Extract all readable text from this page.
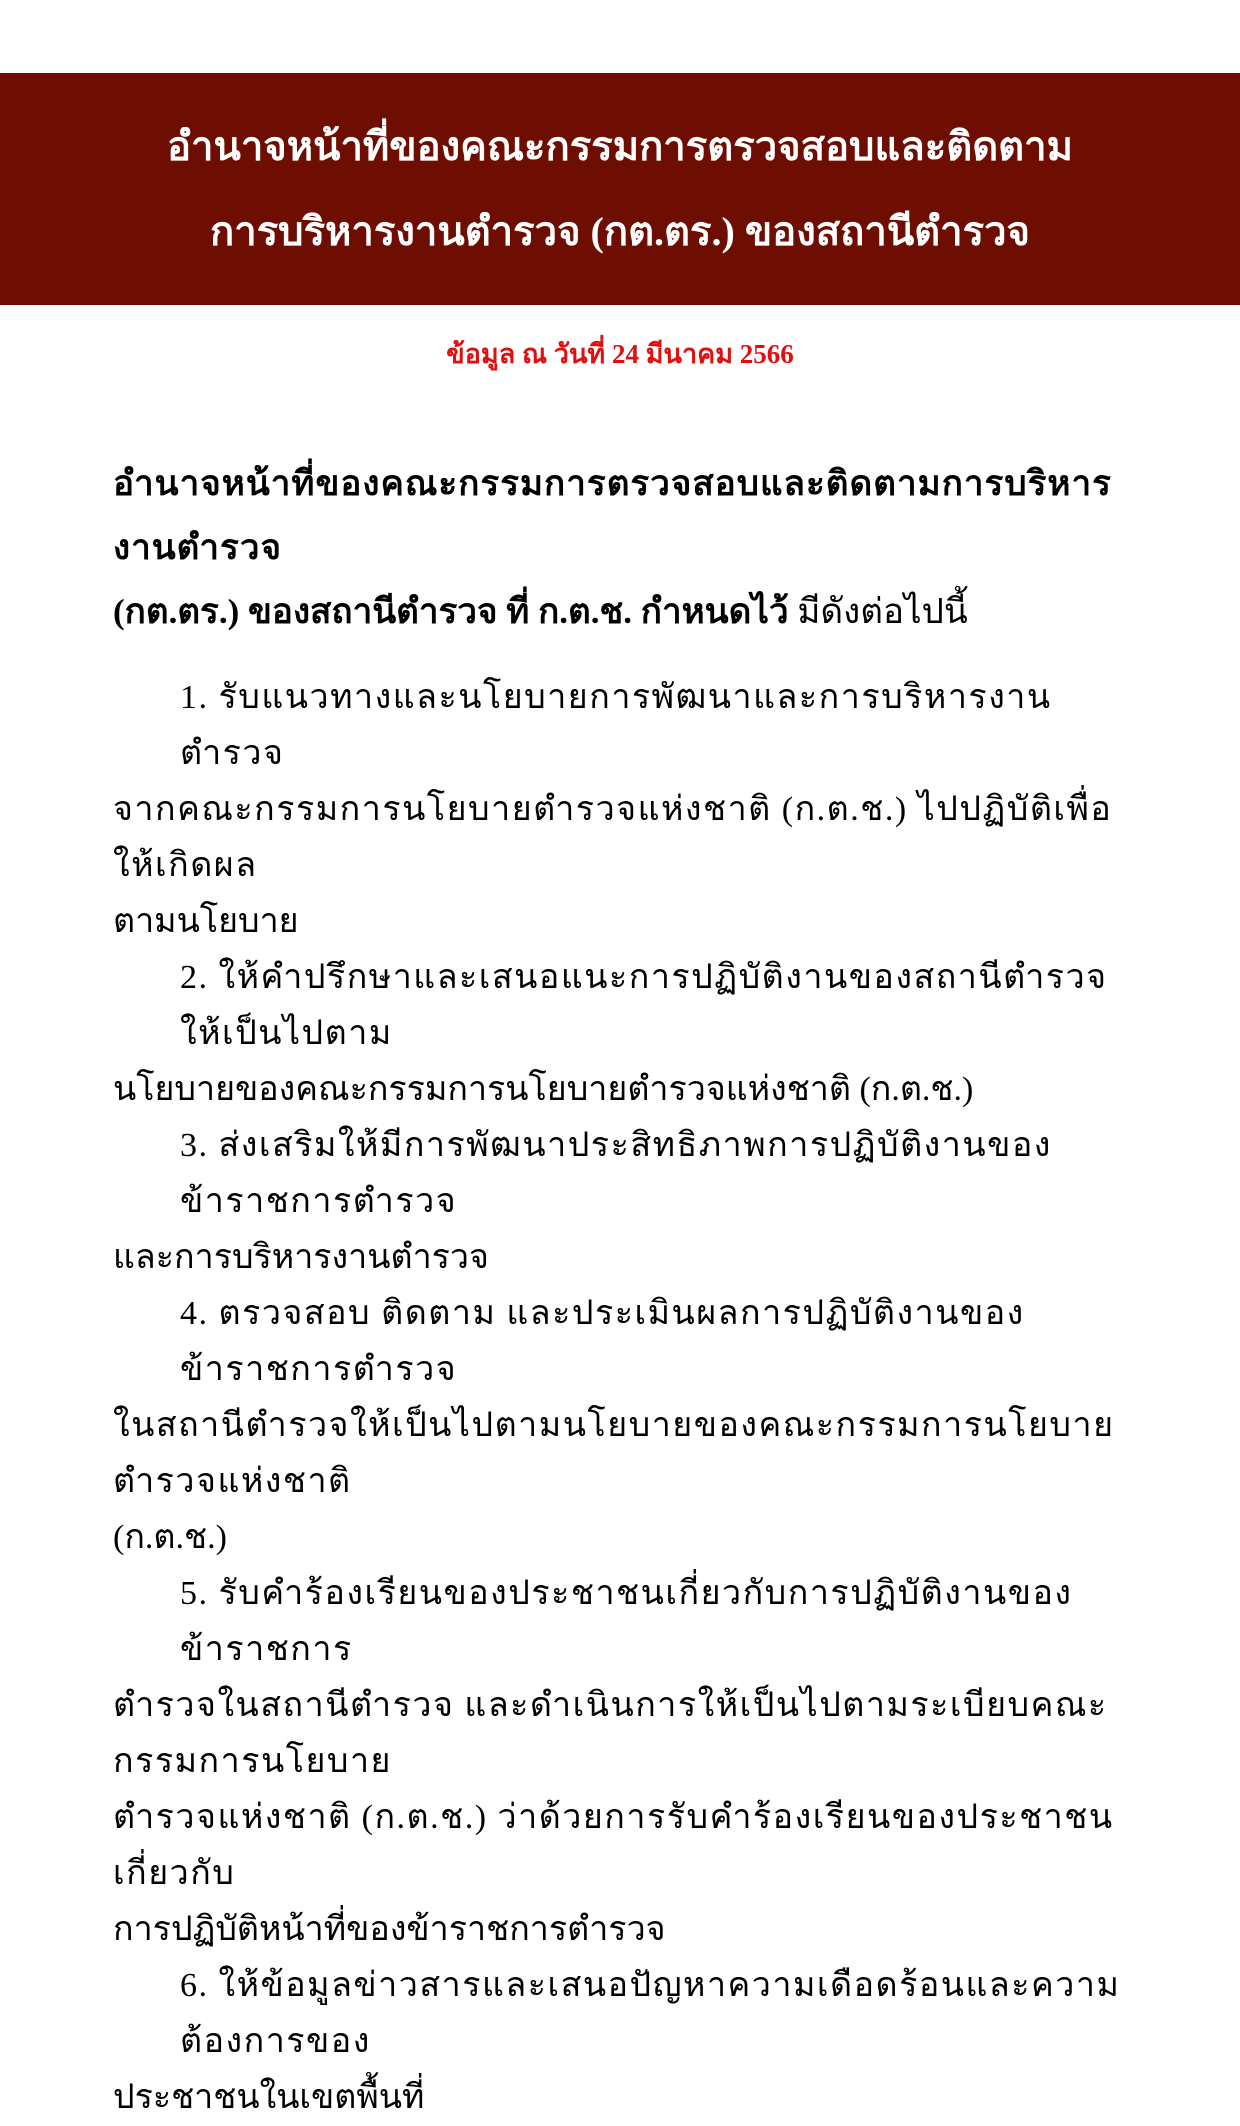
อำนาจหน้าที่ของคณะกรรมการตรวจสอบและติดตาม
การบริหารงานตำรวจ (กต.ตร.) ของสถานีตำรวจ
ข้อมูล ณ วันที่ 24 มีนาคม 2566
อำนาจหน้าที่ของคณะกรรมการตรวจสอบและติดตามการบริหารงานตำรวจ
(กต.ตร.) ของสถานีตำรวจ ที่ ก.ต.ช. กำหนดไว้ มีดังต่อไปนี้
1. รับแนวทางและนโยบายการพัฒนาและการบริหารงานตำรวจ
จากคณะกรรมการนโยบายตำรวจแห่งชาติ (ก.ต.ช.) ไปปฏิบัติเพื่อให้เกิดผล
ตามนโยบาย
2. ให้คำปรึกษาและเสนอแนะการปฏิบัติงานของสถานีตำรวจให้เป็นไปตาม
นโยบายของคณะกรรมการนโยบายตำรวจแห่งชาติ (ก.ต.ช.)
3. ส่งเสริมให้มีการพัฒนาประสิทธิภาพการปฏิบัติงานของข้าราชการตำรวจ
และการบริหารงานตำรวจ
4. ตรวจสอบ ติดตาม และประเมินผลการปฏิบัติงานของข้าราชการตำรวจ
ในสถานีตำรวจให้เป็นไปตามนโยบายของคณะกรรมการนโยบายตำรวจแห่งชาติ
(ก.ต.ช.)
5. รับคำร้องเรียนของประชาชนเกี่ยวกับการปฏิบัติงานของข้าราชการ
ตำรวจในสถานีตำรวจ และดำเนินการให้เป็นไปตามระเบียบคณะกรรมการนโยบาย
ตำรวจแห่งชาติ (ก.ต.ช.) ว่าด้วยการรับคำร้องเรียนของประชาชนเกี่ยวกับ
การปฏิบัติหน้าที่ของข้าราชการตำรวจ
6. ให้ข้อมูลข่าวสารและเสนอปัญหาความเดือดร้อนและความต้องการของ
ประชาชนในเขตพื้นที่
